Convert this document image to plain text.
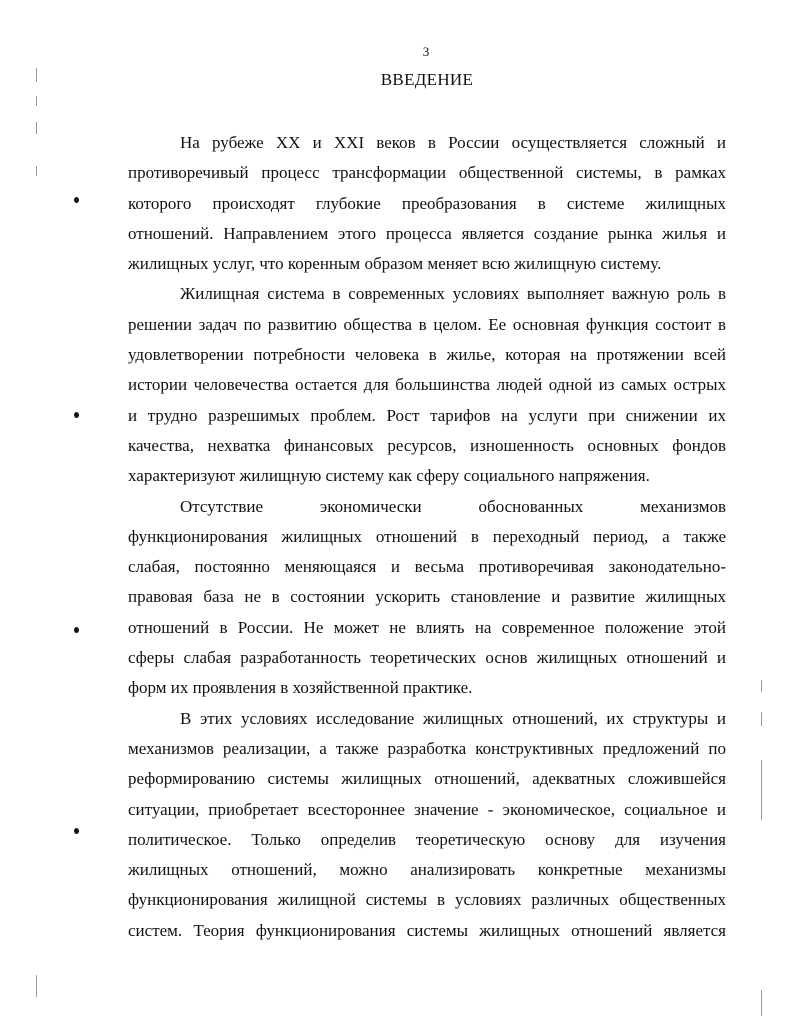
3
ВВЕДЕНИЕ
На рубеже XX и XXI веков в России осуществляется сложный и
противоречивый процесс трансформации общественной системы, в рамках
которого происходят глубокие преобразования в системе жилищных
отношений. Направлением этого процесса является создание рынка жилья и
жилищных услуг, что коренным образом меняет всю жилищную систему.
Жилищная система в современных условиях выполняет важную роль в
решении задач по развитию общества в целом. Ее основная функция состоит в
удовлетворении потребности человека в жилье, которая на протяжении всей
истории человечества остается для большинства людей одной из самых острых
и трудно разрешимых проблем. Рост тарифов на услуги при снижении их
качества, нехватка финансовых ресурсов, изношенность основных фондов
характеризуют жилищную систему как сферу социального напряжения.
Отсутствие экономически обоснованных механизмов
функционирования жилищных отношений в переходный период, а также
слабая, постоянно меняющаяся и весьма противоречивая законодательно-
правовая база не в состоянии ускорить становление и развитие жилищных
отношений в России. Не может не влиять на современное положение этой
сферы слабая разработанность теоретических основ жилищных отношений и
форм их проявления в хозяйственной практике.
В этих условиях исследование жилищных отношений, их структуры и
механизмов реализации, а также разработка конструктивных предложений по
реформированию системы жилищных отношений, адекватных сложившейся
ситуации, приобретает всестороннее значение - экономическое, социальное и
политическое. Только определив теоретическую основу для изучения
жилищных отношений, можно анализировать конкретные механизмы
функционирования жилищной системы в условиях различных общественных
систем. Теория функционирования системы жилищных отношений является
